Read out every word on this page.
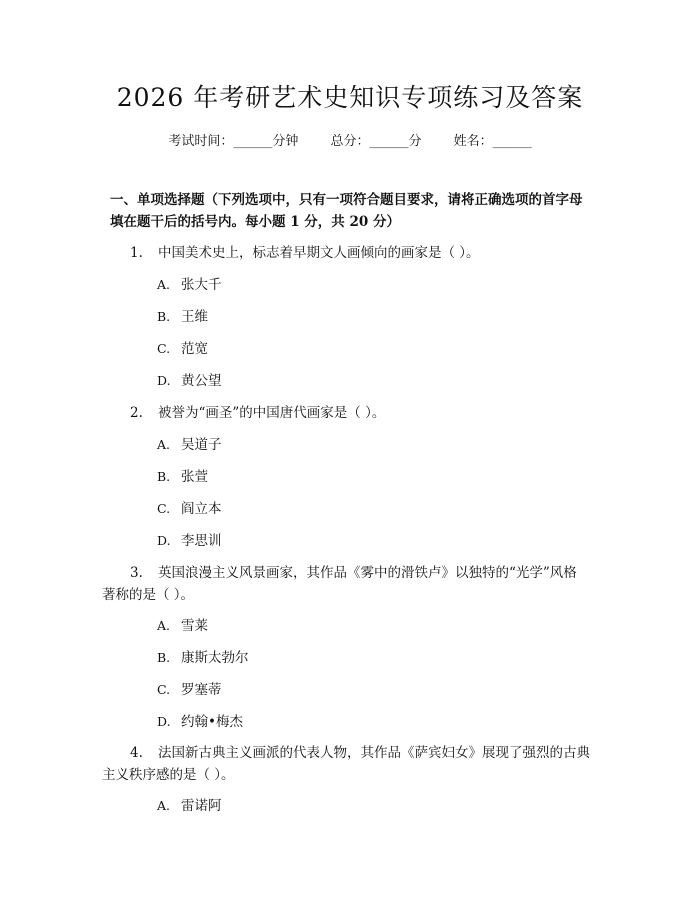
2026 年考研艺术史知识专项练习及答案
考试时间：______分钟 总分：______分 姓名：______
一、单项选择题（下列选项中，只有一项符合题目要求，请将正确选项的首字母
填在题干后的括号内。每小题 1 分，共 20 分）
1. 中国美术史上，标志着早期文人画倾向的画家是（ ）。
A. 张大千
B. 王维
C. 范宽
D. 黄公望
2. 被誉为“画圣”的中国唐代画家是（ ）。
A. 吴道子
B. 张萱
C. 阎立本
D. 李思训
3. 英国浪漫主义风景画家，其作品《雾中的滑铁卢》以独特的“光学”风格
著称的是（ ）。
A. 雪莱
B. 康斯太勃尔
C. 罗塞蒂
D. 约翰•梅杰
4. 法国新古典主义画派的代表人物，其作品《萨宾妇女》展现了强烈的古典
主义秩序感的是（ ）。
A. 雷诺阿
